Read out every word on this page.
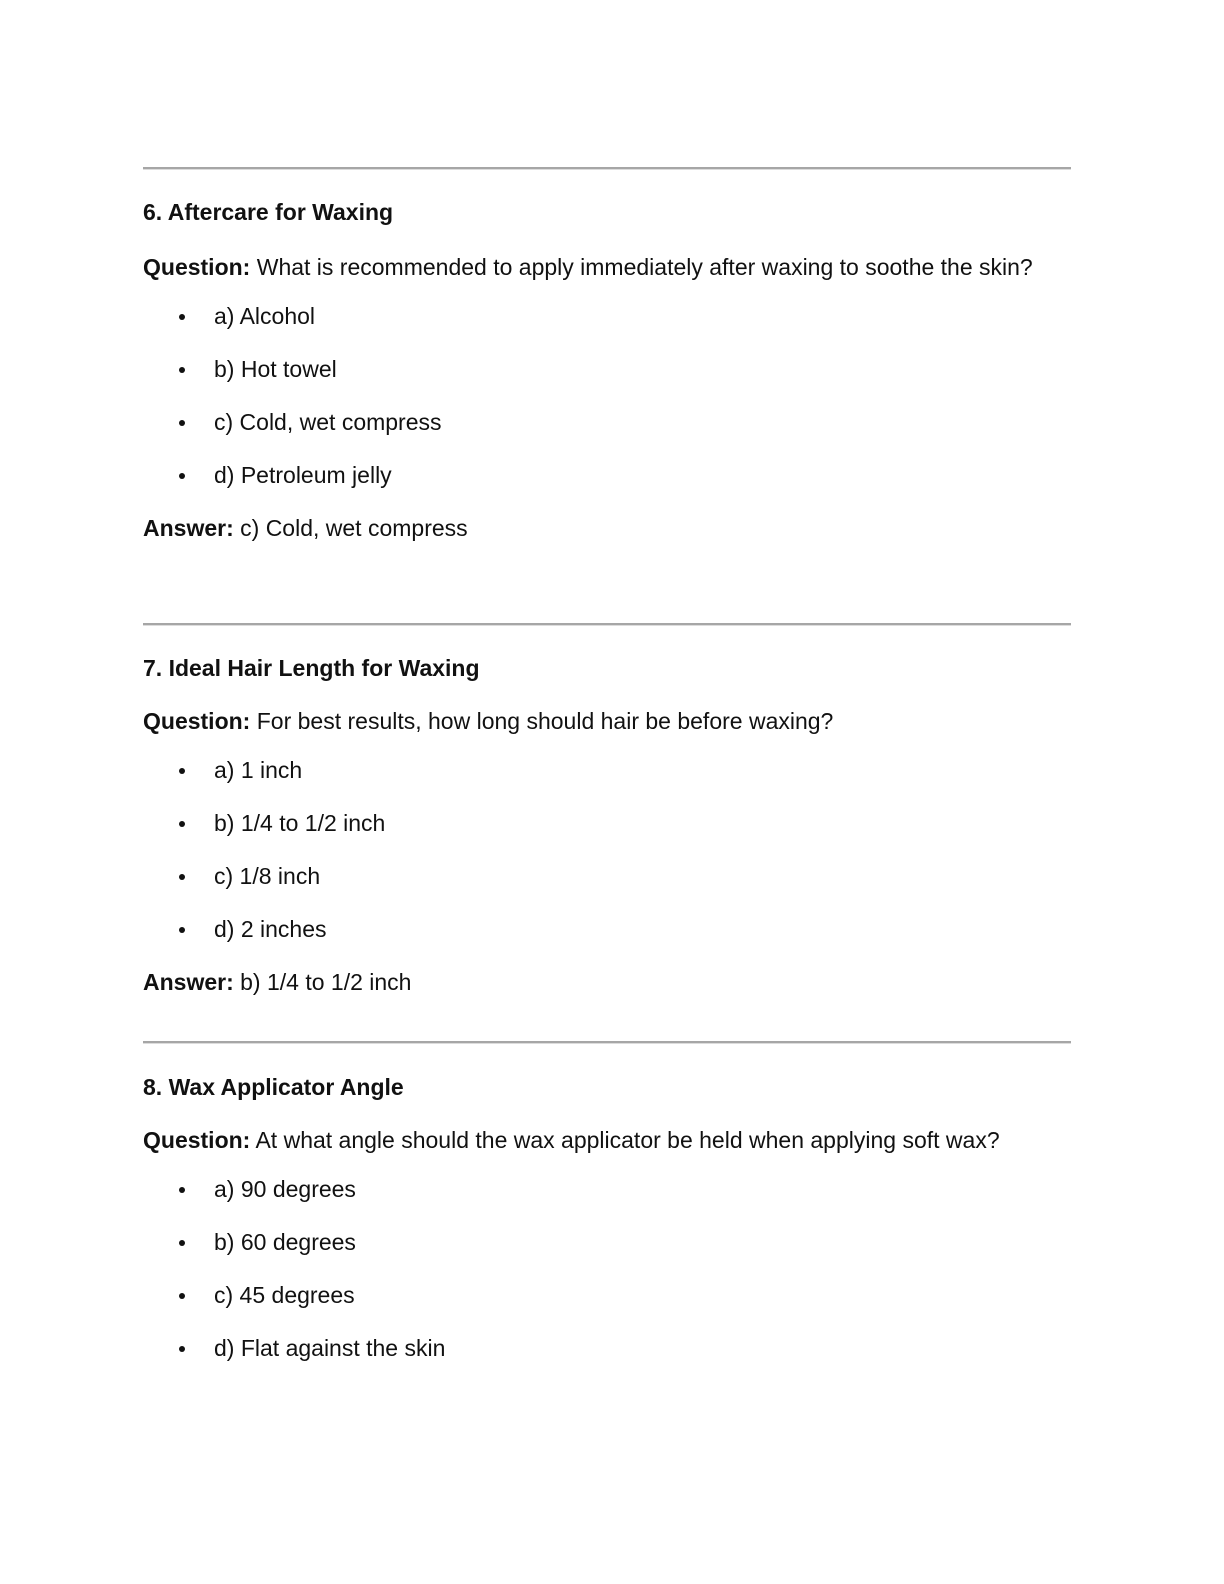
6. Aftercare for Waxing

Question: What is recommended to apply immediately after waxing to soothe the skin?

a) Alcohol
b) Hot towel
c) Cold, wet compress
d) Petroleum jelly

Answer: c) Cold, wet compress

7. Ideal Hair Length for Waxing

Question: For best results, how long should hair be before waxing?

a) 1 inch
b) 1/4 to 1/2 inch
c) 1/8 inch
d) 2 inches

Answer: b) 1/4 to 1/2 inch

8. Wax Applicator Angle

Question: At what angle should the wax applicator be held when applying soft wax?

a) 90 degrees
b) 60 degrees
c) 45 degrees
d) Flat against the skin
